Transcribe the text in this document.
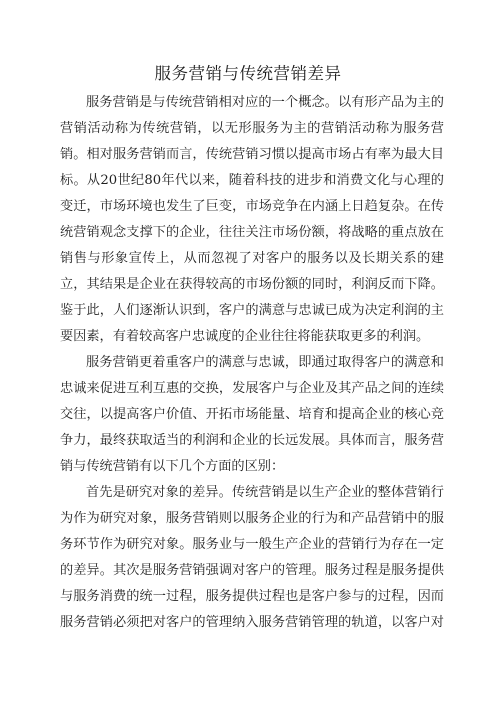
服务营销与传统营销差异
服务营销是与传统营销相对应的一个概念。以有形产品为主的
营销活动称为传统营销，以无形服务为主的营销活动称为服务营
销。相对服务营销而言，传统营销习惯以提高市场占有率为最大目
标。从20世纪80年代以来，随着科技的进步和消费文化与心理的
变迁，市场环境也发生了巨变，市场竞争在内涵上日趋复杂。在传
统营销观念支撑下的企业，往往关注市场份额，将战略的重点放在
销售与形象宣传上，从而忽视了对客户的服务以及长期关系的建
立，其结果是企业在获得较高的市场份额的同时，利润反而下降。
鉴于此，人们逐渐认识到，客户的满意与忠诚已成为决定利润的主
要因素，有着较高客户忠诚度的企业往往将能获取更多的利润。
服务营销更着重客户的满意与忠诚，即通过取得客户的满意和
忠诚来促进互利互惠的交换，发展客户与企业及其产品之间的连续
交往，以提高客户价值、开拓市场能量、培育和提高企业的核心竞
争力，最终获取适当的利润和企业的长远发展。具体而言，服务营
销与传统营销有以下几个方面的区别：
首先是研究对象的差异。传统营销是以生产企业的整体营销行
为作为研究对象，服务营销则以服务企业的行为和产品营销中的服
务环节作为研究对象。服务业与一般生产企业的营销行为存在一定
的差异。其次是服务营销强调对客户的管理。服务过程是服务提供
与服务消费的统一过程，服务提供过程也是客户参与的过程，因而
服务营销必须把对客户的管理纳入服务营销管理的轨道，以客户对
